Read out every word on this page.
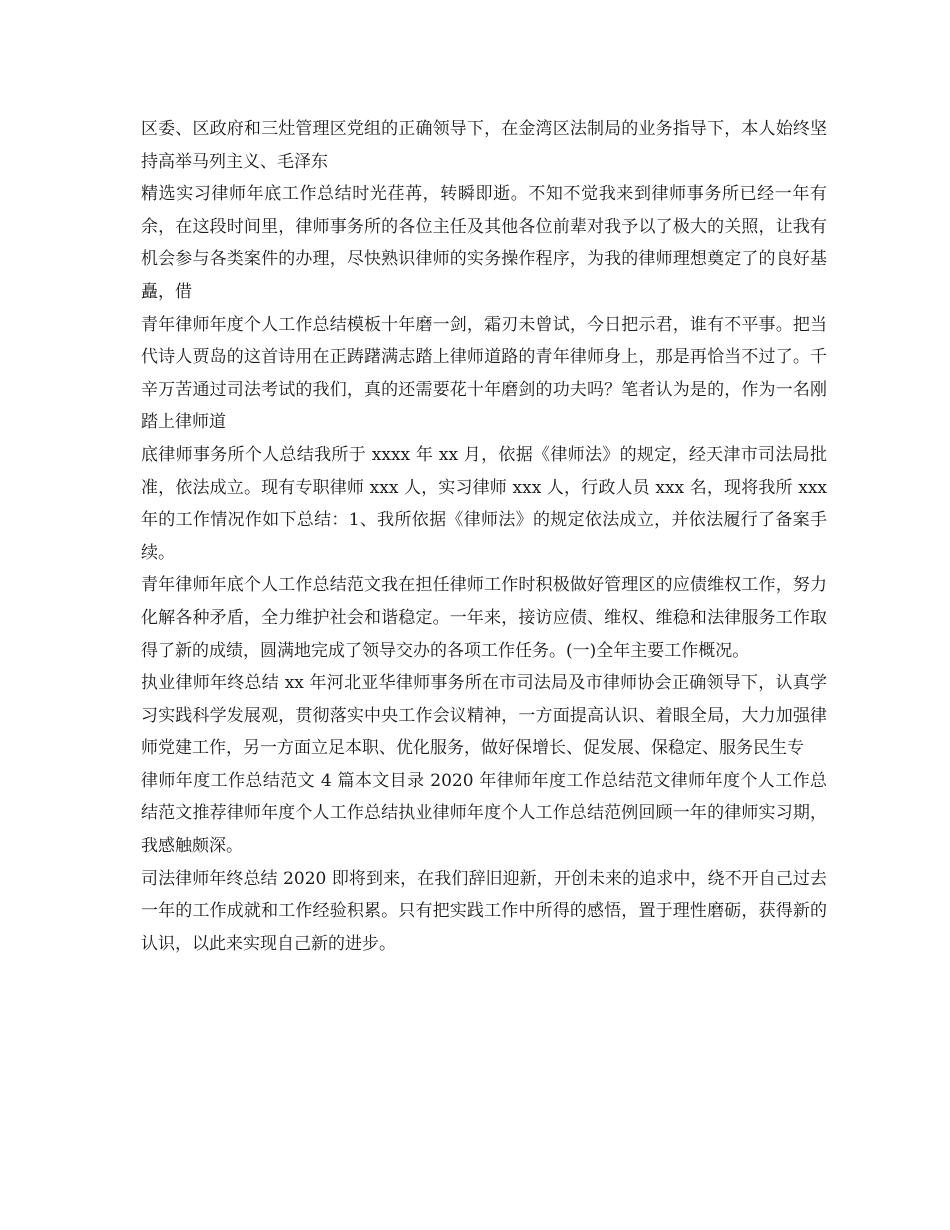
区委、区政府和三灶管理区党组的正确领导下，在金湾区法制局的业务指导下，本人始终坚持高举马列主义、毛泽东

精选实习律师年底工作总结时光荏苒，转瞬即逝。不知不觉我来到律师事务所已经一年有余，在这段时间里，律师事务所的各位主任及其他各位前辈对我予以了极大的关照，让我有机会参与各类案件的办理，尽快熟识律师的实务操作程序，为我的律师理想奠定了的良好基矗，借

青年律师年度个人工作总结模板十年磨一剑，霜刃未曾试，今日把示君，谁有不平事。把当代诗人贾岛的这首诗用在正踌躇满志踏上律师道路的青年律师身上，那是再恰当不过了。千辛万苦通过司法考试的我们，真的还需要花十年磨剑的功夫吗？笔者认为是的，作为一名刚踏上律师道

底律师事务所个人总结我所于 xxxx 年 xx 月，依据《律师法》的规定，经天津市司法局批准，依法成立。现有专职律师 xxx 人，实习律师 xxx 人，行政人员 xxx 名，现将我所 xxx 年的工作情况作如下总结：1、我所依据《律师法》的规定依法成立，并依法履行了备案手续。

青年律师年底个人工作总结范文我在担任律师工作时积极做好管理区的应债维权工作，努力化解各种矛盾，全力维护社会和谐稳定。一年来，接访应债、维权、维稳和法律服务工作取得了新的成绩，圆满地完成了领导交办的各项工作任务。(一)全年主要工作概况。

执业律师年终总结 xx 年河北亚华律师事务所在市司法局及市律师协会正确领导下，认真学习实践科学发展观，贯彻落实中央工作会议精神，一方面提高认识、着眼全局，大力加强律师党建工作，另一方面立足本职、优化服务，做好保增长、促发展、保稳定、服务民生专

律师年度工作总结范文 4 篇本文目录 2020 年律师年度工作总结范文律师年度个人工作总结范文推荐律师年度个人工作总结执业律师年度个人工作总结范例回顾一年的律师实习期，我感触颇深。

司法律师年终总结 2020 即将到来，在我们辞旧迎新，开创未来的追求中，绕不开自己过去一年的工作成就和工作经验积累。只有把实践工作中所得的感悟，置于理性磨砺，获得新的认识，以此来实现自己新的进步。
